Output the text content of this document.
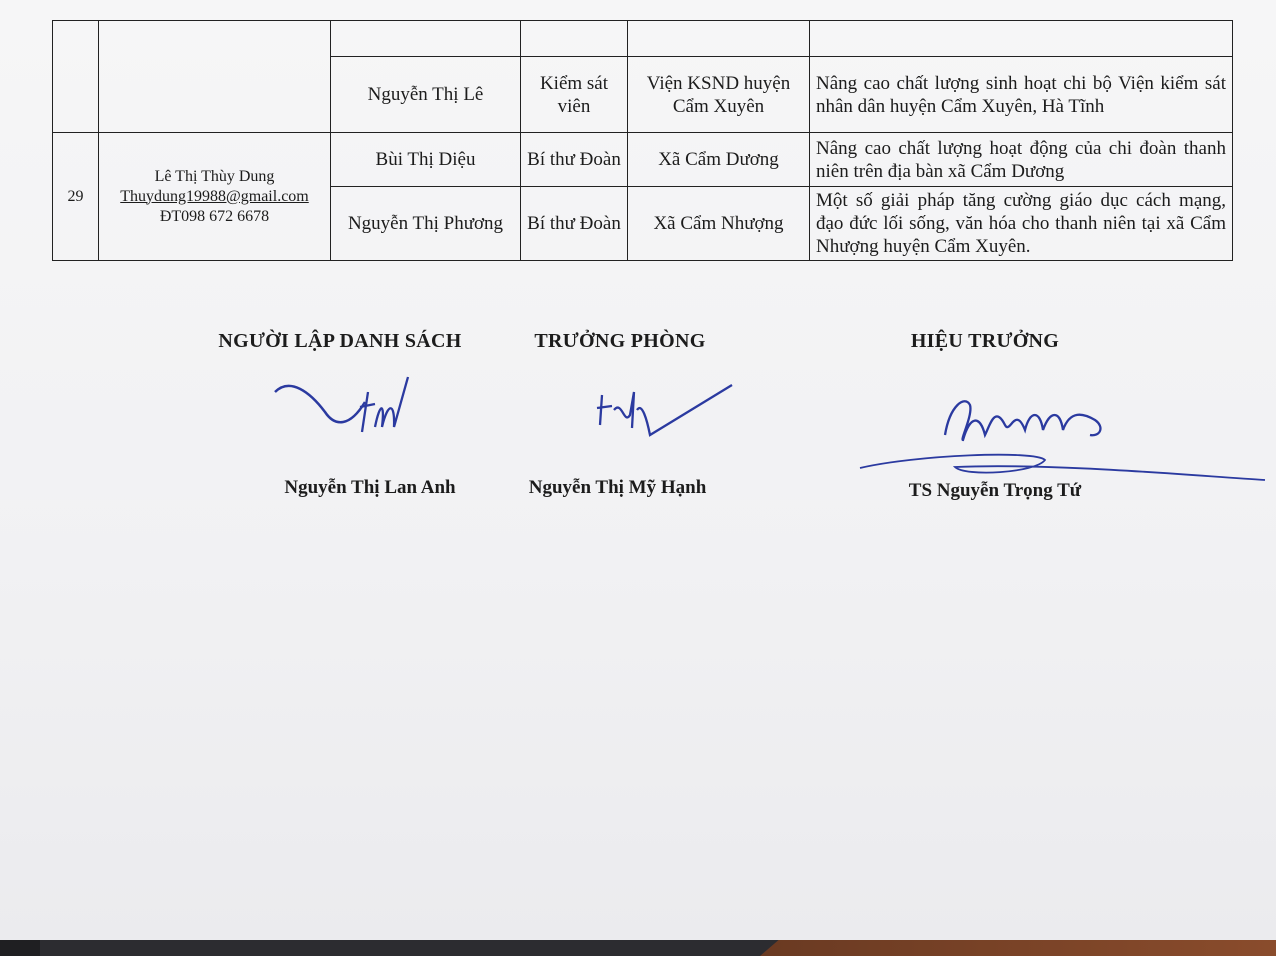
		Nguyễn Thị Lê	Kiểm sát viên	Viện KSND huyện Cẩm Xuyên	Nâng cao chất lượng sinh hoạt chi bộ Viện kiểm sát nhân dân huyện Cẩm Xuyên, Hà Tĩnh
29	Lê Thị Thùy Dung
Thuydung19988@gmail.com
ĐT098 672 6678	Bùi Thị Diệu	Bí thư Đoàn	Xã Cẩm Dương	Nâng cao chất lượng hoạt động của chi đoàn thanh niên trên địa bàn xã Cẩm Dương
		Nguyễn Thị Phương	Bí thư Đoàn	Xã Cẩm Nhượng	Một số giải pháp tăng cường giáo dục cách mạng, đạo đức lối sống, văn hóa cho thanh niên tại xã Cẩm Nhượng huyện Cẩm Xuyên.
NGƯỜI LẬP DANH SÁCH
Nguyễn Thị Lan Anh
TRƯỞNG PHÒNG
Nguyễn Thị Mỹ Hạnh
HIỆU TRƯỞNG
TS Nguyễn Trọng Tứ
